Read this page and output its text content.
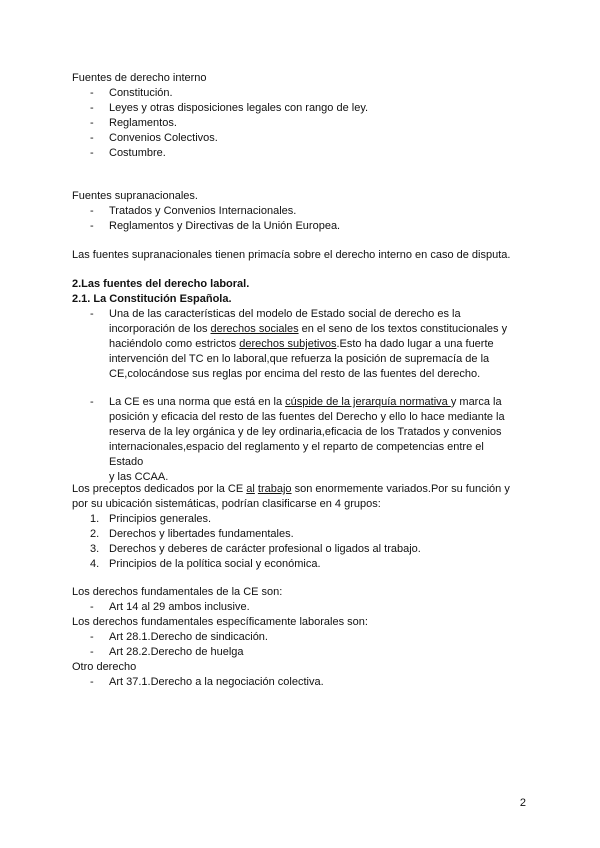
Fuentes de derecho interno
- Constitución.
- Leyes y otras disposiciones legales con rango de ley.
- Reglamentos.
- Convenios Colectivos.
- Costumbre.
Fuentes supranacionales.
- Tratados y Convenios Internacionales.
- Reglamentos y Directivas de la Unión Europea.
Las fuentes supranacionales tienen primacía sobre el derecho interno en caso de disputa.
2.Las fuentes del derecho laboral.
2.1. La Constitución Española.
- Una de las características del modelo de Estado social de derecho es la
incorporación de los derechos sociales en el seno de los textos constitucionales y
haciéndolo como estrictos derechos subjetivos.Esto ha dado lugar a una fuerte
intervención del TC en lo laboral,que refuerza la posición de supremacía de la
CE,colocándose sus reglas por encima del resto de las fuentes del derecho.
- La CE es una norma que está en la cúspide de la jerarquía normativa y marca la
posición y eficacia del resto de las fuentes del Derecho y ello lo hace mediante la
reserva de la ley orgánica y de ley ordinaria,eficacia de los Tratados y convenios
internacionales,espacio del reglamento y el reparto de competencias entre el Estado
y las CCAA.
Los preceptos dedicados por la CE al trabajo son enormemente variados.Por su función y
por su ubicación sistemáticas, podrían clasificarse en 4 grupos:
1. Principios generales.
2. Derechos y libertades fundamentales.
3. Derechos y deberes de carácter profesional o ligados al trabajo.
4. Principios de la política social y económica.
Los derechos fundamentales de la CE son:
- Art 14 al 29 ambos inclusive.
Los derechos fundamentales específicamente laborales son:
- Art 28.1.Derecho de sindicación.
- Art 28.2.Derecho de huelga
Otro derecho
- Art 37.1.Derecho a la negociación colectiva.
2
